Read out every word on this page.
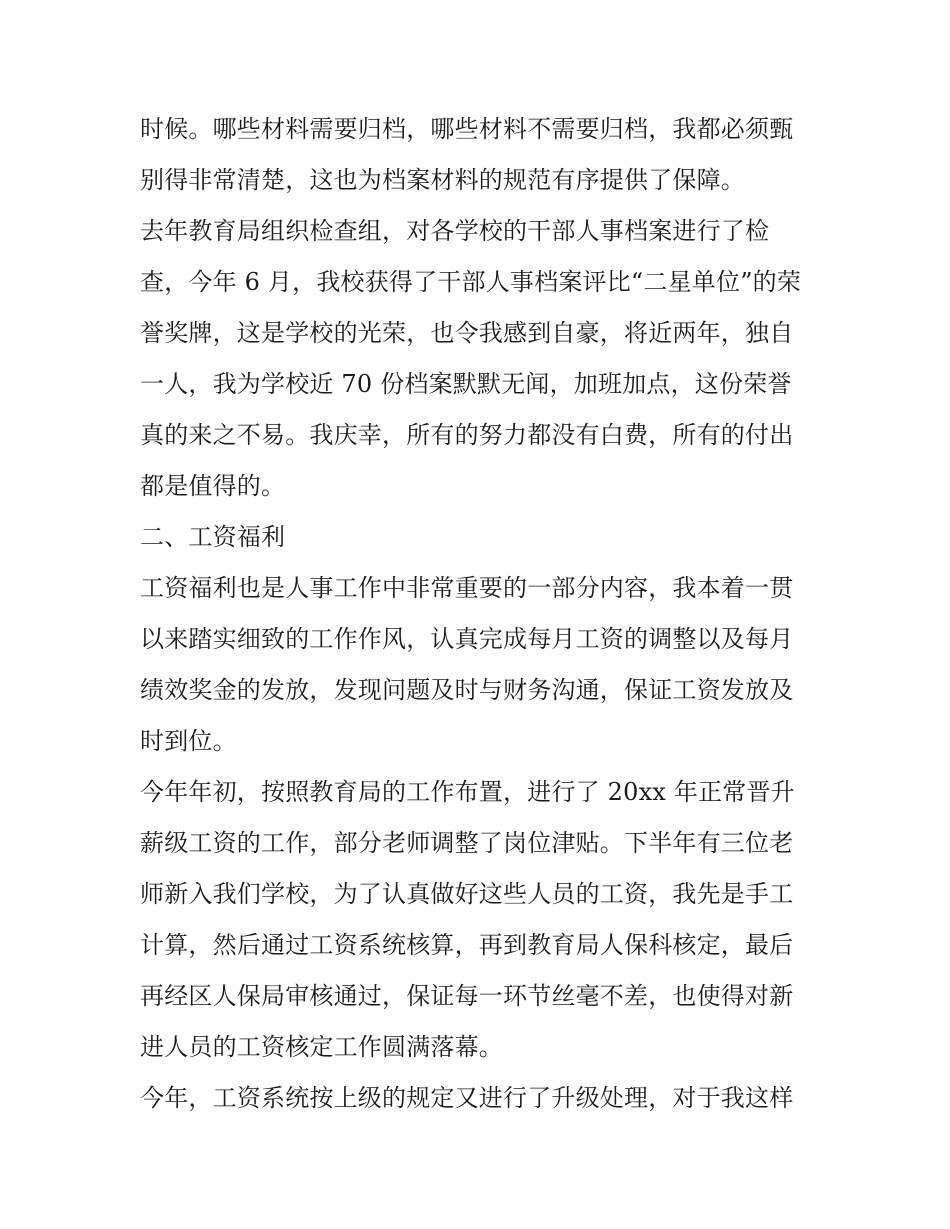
时候。哪些材料需要归档，哪些材料不需要归档，我都必须甄
别得非常清楚，这也为档案材料的规范有序提供了保障。
去年教育局组织检查组，对各学校的干部人事档案进行了检
查，今年 6 月，我校获得了干部人事档案评比“二星单位”的荣
誉奖牌，这是学校的光荣，也令我感到自豪，将近两年，独自
一人，我为学校近 70 份档案默默无闻，加班加点，这份荣誉
真的来之不易。我庆幸，所有的努力都没有白费，所有的付出
都是值得的。
二、工资福利
工资福利也是人事工作中非常重要的一部分内容，我本着一贯
以来踏实细致的工作作风，认真完成每月工资的调整以及每月
绩效奖金的发放，发现问题及时与财务沟通，保证工资发放及
时到位。
今年年初，按照教育局的工作布置，进行了 20xx 年正常晋升
薪级工资的工作，部分老师调整了岗位津贴。下半年有三位老
师新入我们学校，为了认真做好这些人员的工资，我先是手工
计算，然后通过工资系统核算，再到教育局人保科核定，最后
再经区人保局审核通过，保证每一环节丝毫不差，也使得对新
进人员的工资核定工作圆满落幕。
今年，工资系统按上级的规定又进行了升级处理，对于我这样
